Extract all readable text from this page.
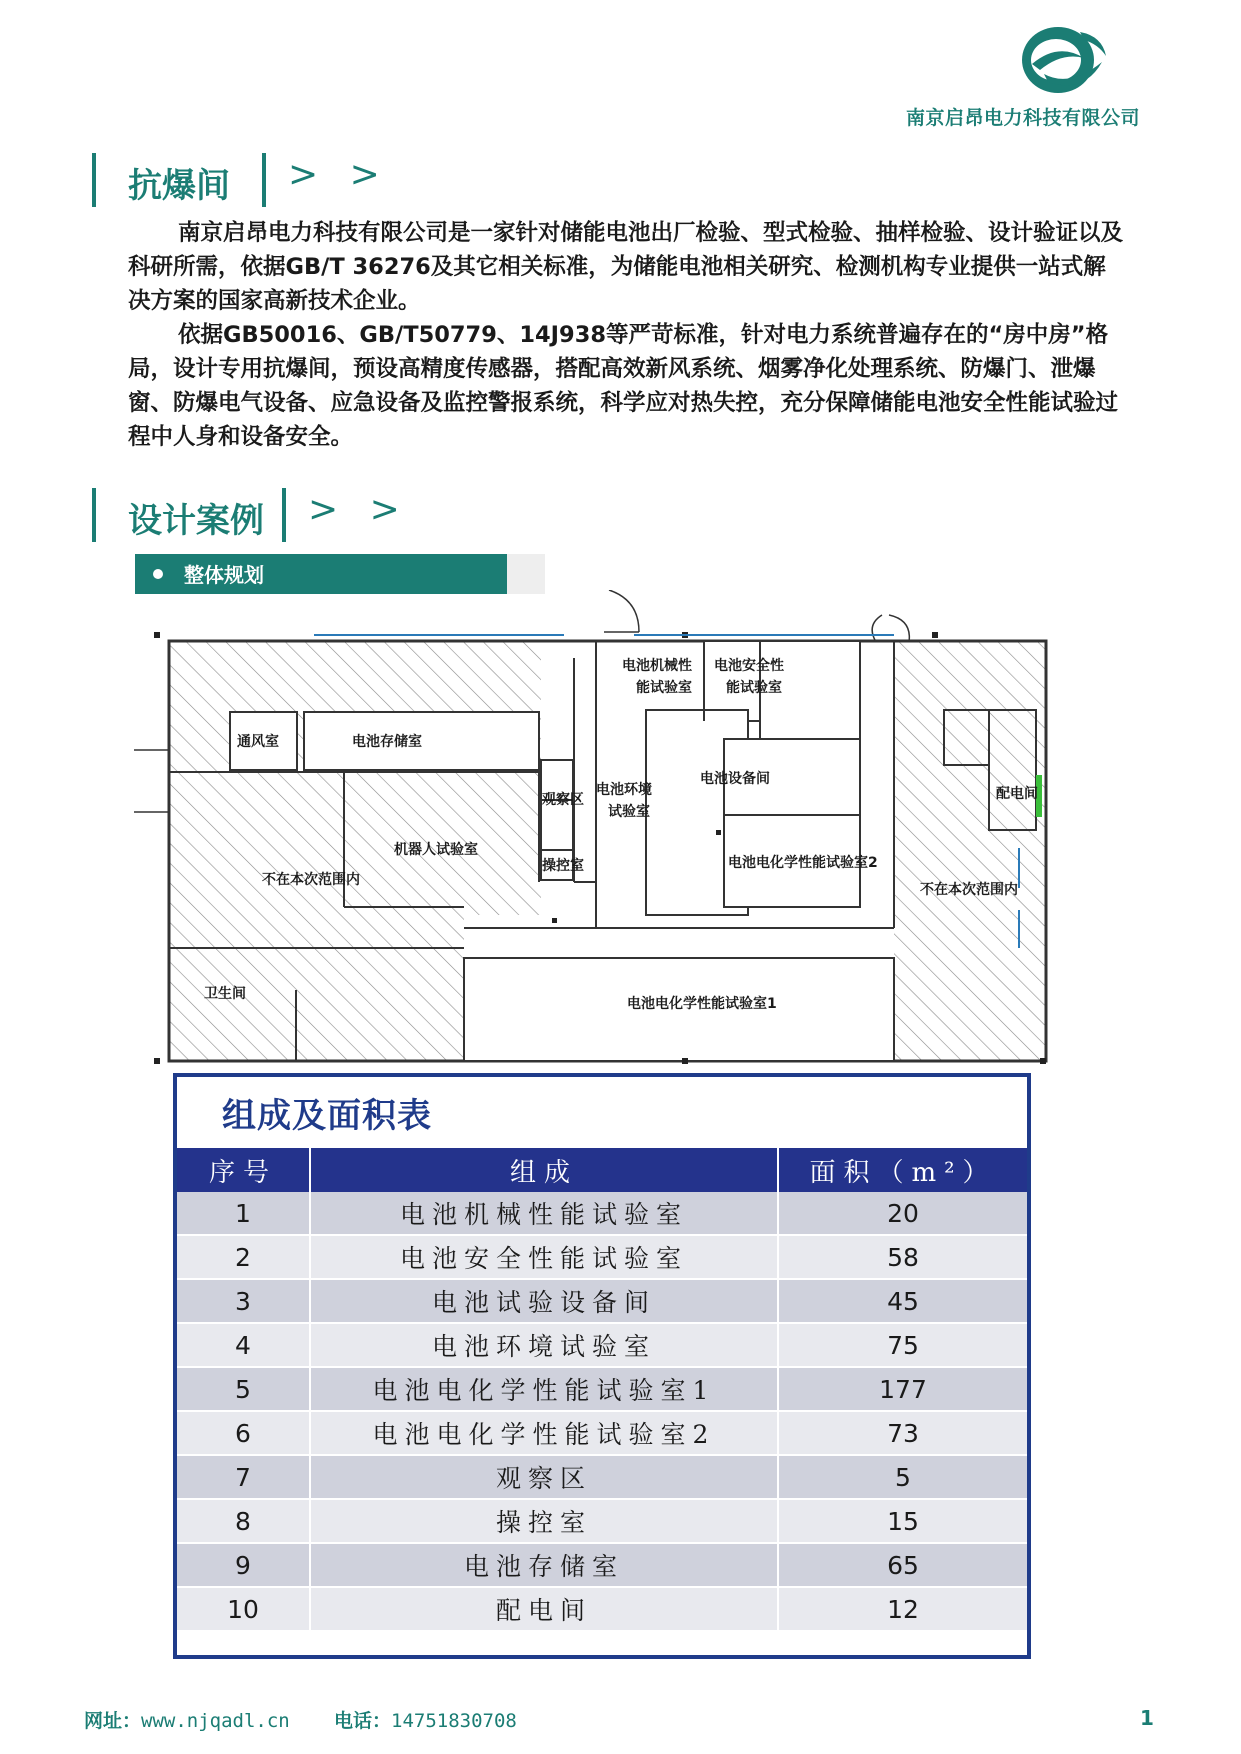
南京启昂电力科技有限公司
抗爆间 > >

南京启昂电力科技有限公司是一家针对储能电池出厂检验、型式检验、抽样检验、设计验证以及科研所需，依据GB/T 36276及其它相关标准，为储能电池相关研究、检测机构专业提供一站式解决方案的国家高新技术企业。

依据GB50016、GB/T50779、14J938等严苛标准，针对电力系统普遍存在的“房中房”格局，设计专用抗爆间，预设高精度传感器，搭配高效新风系统、烟雾净化处理系统、防爆门、泄爆窗、防爆电气设备、应急设备及监控警报系统，科学应对热失控，充分保障储能电池安全性能试验过程中人身和设备安全。

设计案例 > >
整体规划
通风室	电池存储室
电池机械性
能试验室
电池安全性
能试验室
电池设备间
电池环境
试验室
观察区
操控室
机器人试验室
不在本次范围内
不在本次范围内
配电间
电池电化学性能试验室2
电池电化学性能试验室1
卫生间
组成及面积表
序号	组成	面积（m²）
1	电池机械性能试验室	20
2	电池安全性能试验室	58
3	电池试验设备间	45
4	电池环境试验室	75
5	电池电化学性能试验室1	177
6	电池电化学性能试验室2	73
7	观察区	5
8	操控室	15
9	电池存储室	65
10	配电间	12
网址：www.njqadl.cn 电话：14751830708	1
